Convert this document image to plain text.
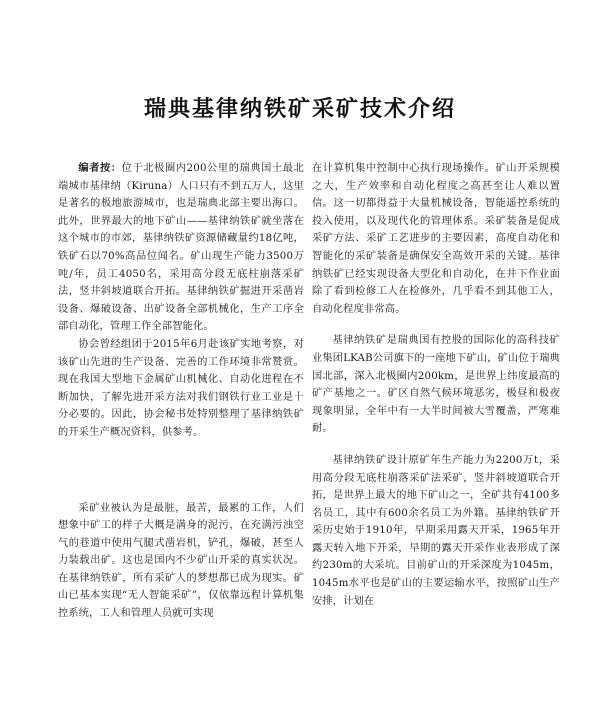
瑞典基律纳铁矿采矿技术介绍

编者按：位于北极圈内200公里的瑞典国土最北端城市基律纳（Kiruna）人口只有不到五万人，这里是著名的极地旅游城市，也是瑞典北部主要出海口。此外，世界最大的地下矿山——基律纳铁矿就坐落在这个城市的市郊，基律纳铁矿资源储藏量约18亿吨，铁矿石以70%高品位闻名。矿山现生产能力3500万吨/年，员工4050名，采用高分段无底柱崩落采矿法，竖井斜坡道联合开拓。基律纳铁矿掘进开采凿岩设备、爆破设备、出矿设备全部机械化，生产工序全部自动化，管理工作全部智能化。

协会曾经组团于2015年6月赴该矿实地考察，对该矿山先进的生产设备、完善的工作环境非常赞赏。现在我国大型地下金属矿山机械化、自动化进程在不断加快，了解先进开采方法对我们钢铁行业工业是十分必要的。因此，协会秘书处特别整理了基律纳铁矿的开采生产概况资料，供参考。

采矿业被认为是最脏，最苦，最累的工作，人们想象中矿工的样子大概是满身的泥污，在充满污浊空气的巷道中使用气腿式凿岩机，铲孔，爆破，甚至人力装载出矿。这也是国内不少矿山开采的真实状况。在基律纳铁矿，所有采矿人的梦想都已成为现实。矿山已基本实现“无人智能采矿”，仅依靠远程计算机集控系统，工人和管理人员就可实现

在计算机集中控制中心执行现场操作。矿山开采规模之大，生产效率和自动化程度之高甚至让人难以置信。这一切都得益于大量机械设备，智能遥控系统的投入使用，以及现代化的管理体系。采矿装备是促成采矿方法、采矿工艺进步的主要因素，高度自动化和智能化的采矿装备是确保安全高效开采的关键。基律纳铁矿已经实现设备大型化和自动化，在井下作业面除了看到检修工人在检修外，几乎看不到其他工人，自动化程度非常高。

基律纳铁矿是瑞典国有控股的国际化的高科技矿业集团LKAB公司旗下的一座地下矿山，矿山位于瑞典国北部，深入北极圈内200km，是世界上纬度最高的矿产基地之一。矿区自然气候环境恶劣，极昼和极夜现象明显，全年中有一大半时间被大雪覆盖，严寒难耐。

基律纳铁矿设计原矿年生产能力为2200万t，采用高分段无底柱崩落采矿法采矿，竖井斜坡道联合开拓，是世界上最大的地下矿山之一，全矿共有4100多名员工，其中有600余名员工为外籍。基律纳铁矿开采历史始于1910年，早期采用露天开采，1965年开露天转入地下开采，早期的露天开采作业表形成了深约230m的大采坑。目前矿山的开采深度为1045m，1045m水平也是矿山的主要运输水平，按照矿山生产安排，计划在
